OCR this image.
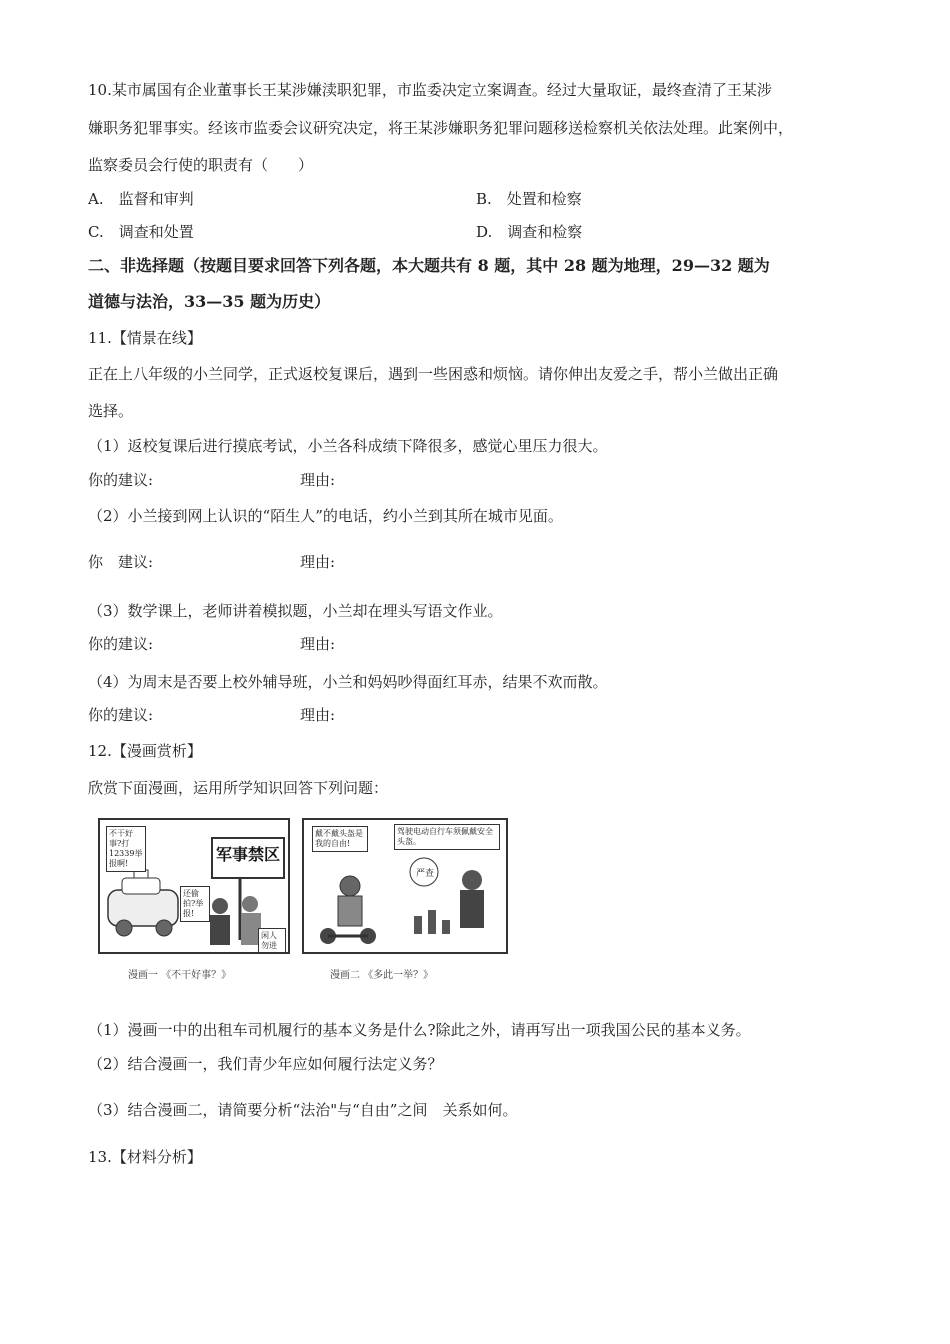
10.某市属国有企业董事长王某涉嫌渎职犯罪，市监委决定立案调查。经过大量取证，最终查清了王某涉
嫌职务犯罪事实。经该市监委会议研究决定，将王某涉嫌职务犯罪问题移送检察机关依法处理。此案例中，
监察委员会行使的职责有（　　）
A.　监督和审判	B.　处置和检察
C.　调查和处置	D.　调查和检察
二、非选择题（按题目要求回答下列各题，本大题共有 8 题，其中 28 题为地理，29—32 题为
道德与法治，33—35 题为历史）
11.【情景在线】
正在上八年级的小兰同学，正式返校复课后，遇到一些困惑和烦恼。请你伸出友爱之手，帮小兰做出正确
选择。
（1）返校复课后进行摸底考试，小兰各科成绩下降很多，感觉心里压力很大。
你的建议:	理由:
（2）小兰接到网上认识的“陌生人”的电话，约小兰到其所在城市见面。
你　建议:	理由:
（3）数学课上，老师讲着模拟题，小兰却在埋头写语文作业。
你的建议:	理由:
（4）为周末是否要上校外辅导班，小兰和妈妈吵得面红耳赤，结果不欢而散。
你的建议:	理由:
12.【漫画赏析】
欣赏下面漫画，运用所学知识回答下列问题：
不干好事?打12339举报啊!	军事禁区
还偷拍?举报!
闲人勿进
漫画一 《不干好事？》
戴不戴头盔是我的自由!
驾驶电动自行车须佩戴安全头盔。
严查
漫画二 《多此一举？》
（1）漫画一中的出租车司机履行的基本义务是什么?除此之外，请再写出一项我国公民的基本义务。
（2）结合漫画一，我们青少年应如何履行法定义务？
（3）结合漫画二，请简要分析“法治"与“自由”之间　关系如何。
13.【材料分析】
